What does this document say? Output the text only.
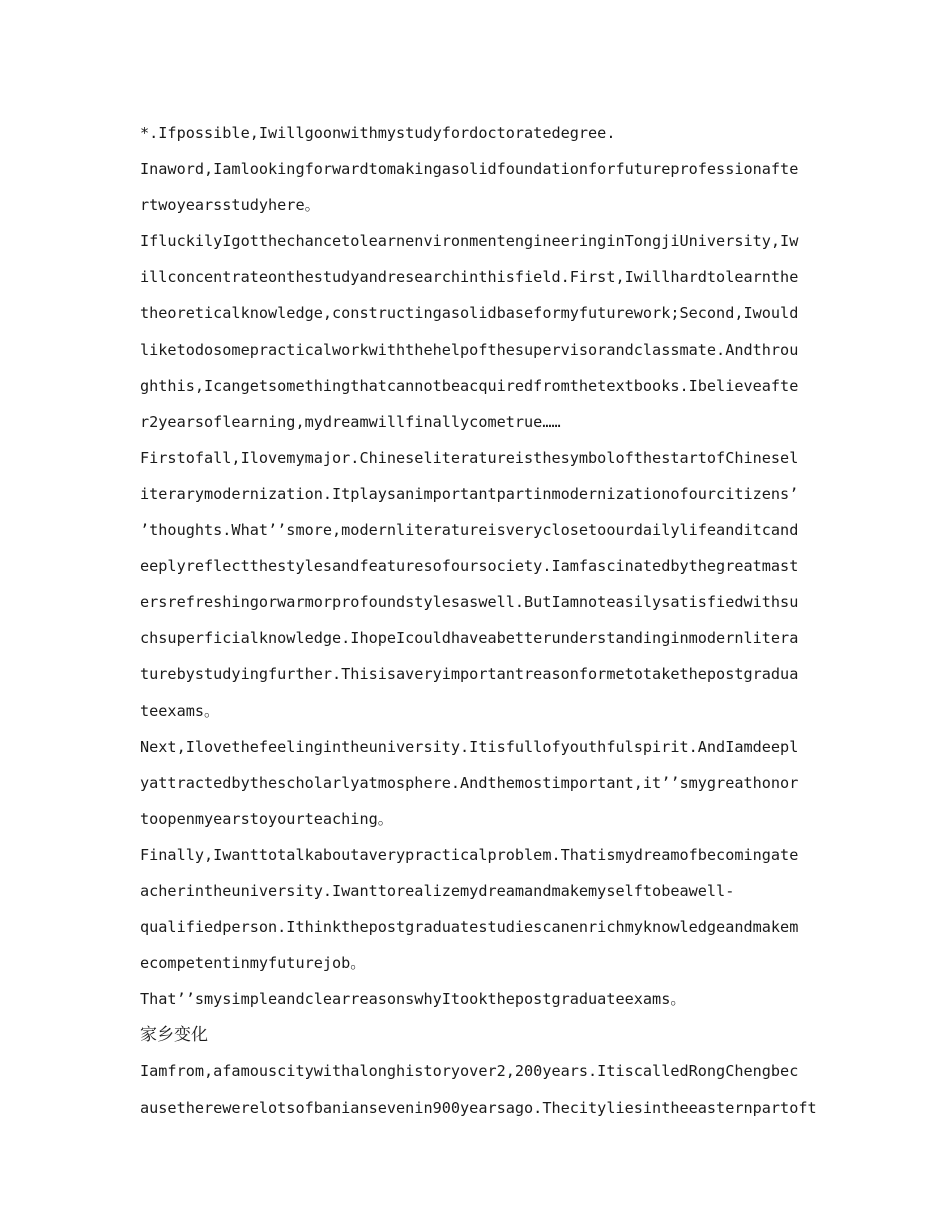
*.Ifpossible,Iwillgoonwithmystudyfordoctoratedegree.
Inaword,Iamlookingforwardtomakingasolidfoundationforfutureprofessionafte
rtwoyearsstudyhere。
IfluckilyIgotthechancetolearnenvironmentengineeringinTongjiUniversity,Iw
illconcentrateonthestudyandresearchinthisfield.First,Iwillhardtolearnthe
theoreticalknowledge,constructingasolidbaseformyfuturework;Second,Iwould
liketodosomepracticalworkwiththehelpofthesupervisorandclassmate.Andthrou
ghthis,Icangetsomethingthatcannotbeacquiredfromthetextbooks.Ibelieveafte
r2yearsoflearning,mydreamwillfinallycometrue……
Firstofall,Ilovemymajor.ChineseliteratureisthesymbolofthestartofChinesel
iterarymodernization.Itplaysanimportantpartinmodernizationofourcitizens’
’thoughts.What’’smore,modernliteratureisveryclosetoourdailylifeanditcand
eeplyreflectthestylesandfeaturesofoursociety.Iamfascinatedbythegreatmast
ersrefreshingorwarmorprofoundstylesaswell.ButIamnoteasilysatisfiedwithsu
chsuperficialknowledge.IhopeIcouldhaveabetterunderstandinginmodernlitera
turebystudyingfurther.Thisisaveryimportantreasonformetotakethepostgradua
teexams。
Next,Ilovethefeelingintheuniversity.Itisfullofyouthfulspirit.AndIamdeepl
yattractedbythescholarlyatmosphere.Andthemostimportant,it’’smygreathonor
toopenmyearstoyourteaching。
Finally,Iwanttotalkaboutaverypracticalproblem.Thatismydreamofbecomingate
acherintheuniversity.Iwanttorealizemydreamandmakemyselftobeawell-
qualifiedperson.Ithinkthepostgraduatestudiescanenrichmyknowledgeandmakem
ecompetentinmyfuturejob。
That’’smysimpleandclearreasonswhyItookthepostgraduateexams。
家乡变化
Iamfrom,afamouscitywithalonghistoryover2,200years.ItiscalledRongChengbec
ausetherewerelotsofbaniansevenin900yearsago.Thecityliesintheeasternpartoft
